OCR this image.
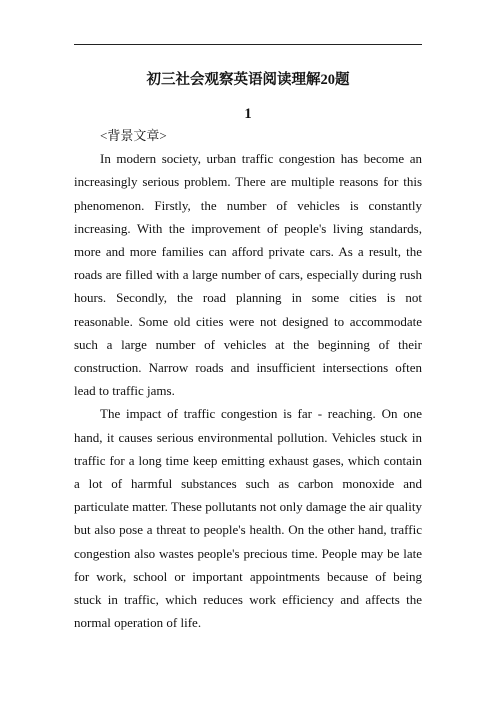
初三社会观察英语阅读理解20题
1

<背景文章>

In modern society, urban traffic congestion has become an increasingly serious problem. There are multiple reasons for this phenomenon. Firstly, the number of vehicles is constantly increasing. With the improvement of people's living standards, more and more families can afford private cars. As a result, the roads are filled with a large number of cars, especially during rush hours. Secondly, the road planning in some cities is not reasonable. Some old cities were not designed to accommodate such a large number of vehicles at the beginning of their construction. Narrow roads and insufficient intersections often lead to traffic jams.

The impact of traffic congestion is far - reaching. On one hand, it causes serious environmental pollution. Vehicles stuck in traffic for a long time keep emitting exhaust gases, which contain a lot of harmful substances such as carbon monoxide and particulate matter. These pollutants not only damage the air quality but also pose a threat to people's health. On the other hand, traffic congestion also wastes people's precious time. People may be late for work, school or important appointments because of being stuck in traffic, which reduces work efficiency and affects the normal operation of life.
